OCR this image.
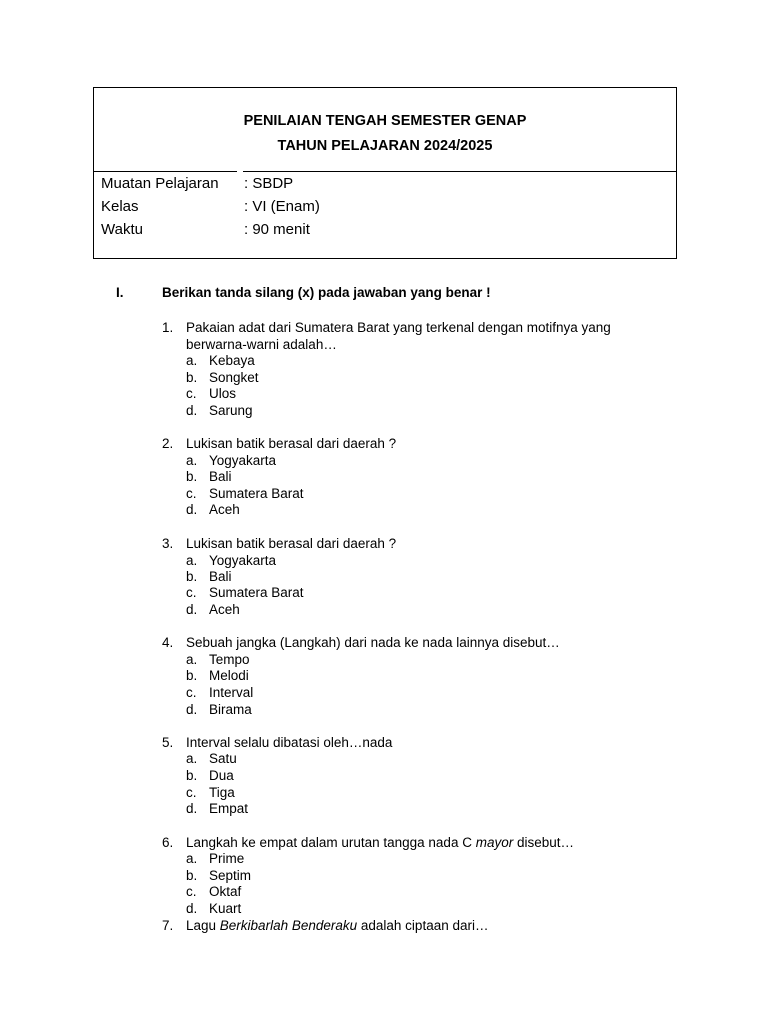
PENILAIAN TENGAH SEMESTER GENAP
TAHUN PELAJARAN 2024/2025
Muatan Pelajaran : SBDP
Kelas	: VI (Enam)
Waktu	: 90 menit
I.	Berikan tanda silang (x) pada jawaban yang benar !
1. Pakaian adat dari Sumatera Barat yang terkenal dengan motifnya yang berwarna-warni adalah…
a. Kebaya
b. Songket
c. Ulos
d. Sarung
2. Lukisan batik berasal dari daerah ?
a. Yogyakarta
b. Bali
c. Sumatera Barat
d. Aceh
3. Lukisan batik berasal dari daerah ?
a. Yogyakarta
b. Bali
c. Sumatera Barat
d. Aceh
4. Sebuah jangka (Langkah) dari nada ke nada lainnya disebut…
a. Tempo
b. Melodi
c. Interval
d. Birama
5. Interval selalu dibatasi oleh…nada
a. Satu
b. Dua
c. Tiga
d. Empat
6. Langkah ke empat dalam urutan tangga nada C mayor disebut…
a. Prime
b. Septim
c. Oktaf
d. Kuart
7. Lagu Berkibarlah Benderaku adalah ciptaan dari…
